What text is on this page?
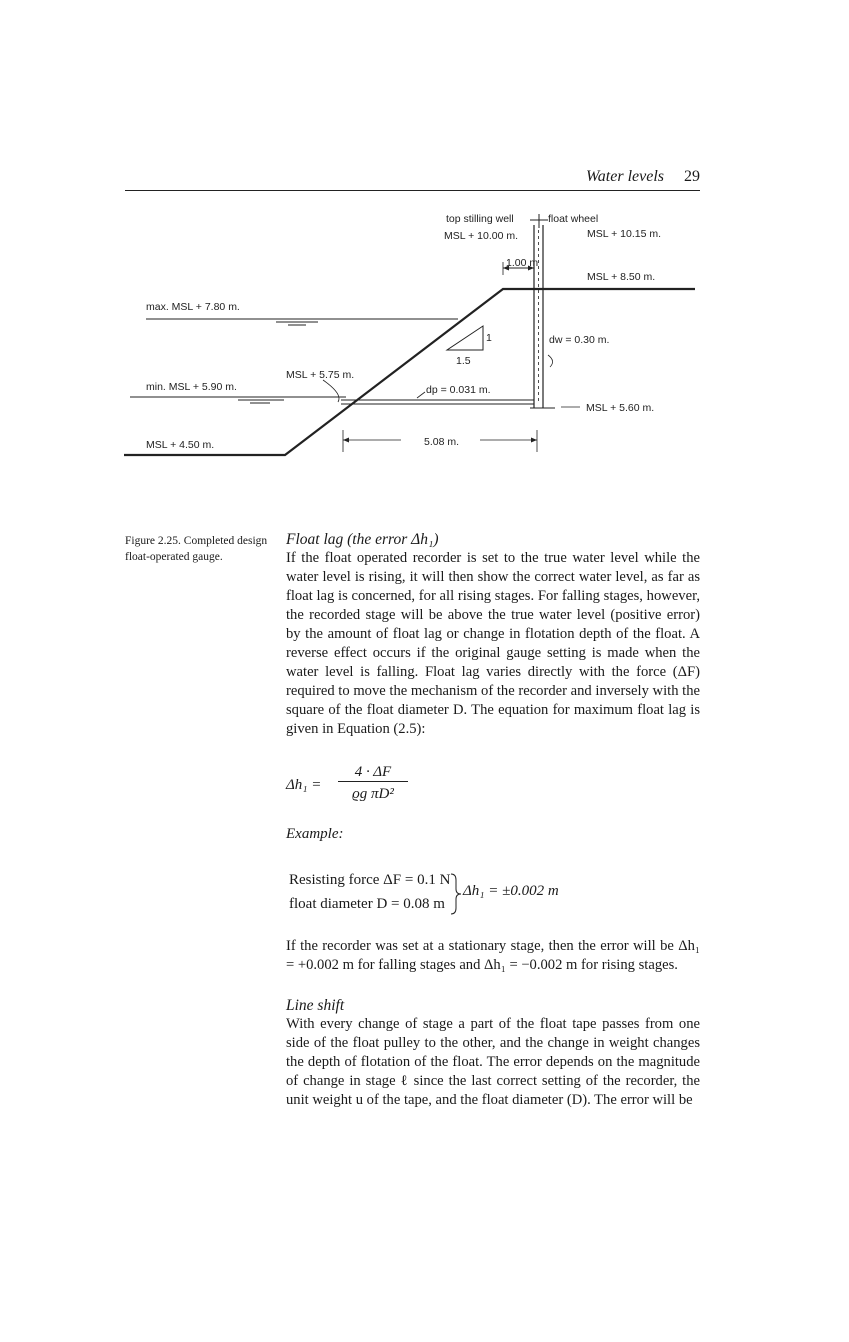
Water levels 29
top stilling well
MSL + 10.00 m.
float wheel
MSL + 10.15 m.
1.00 m
MSL + 8.50 m.
max. MSL + 7.80 m.
1
1.5
dw = 0.30 m.
MSL + 5.75 m.
min. MSL + 5.90 m.	dp = 0.031 m.
MSL + 5.60 m.
MSL + 4.50 m.	5.08 m.
Figure 2.25. Completed design float-operated gauge.
Float lag (the error Δh₁)

If the float operated recorder is set to the true water level while the water level is rising, it will then show the correct water level, as far as float lag is concerned, for all rising stages. For falling stages, however, the recorded stage will be above the true water level (positive error) by the amount of float lag or change in flotation depth of the float. A reverse effect occurs if the original gauge setting is made when the water level is falling. Float lag varies directly with the force (ΔF) required to move the mechanism of the recorder and inversely with the square of the float diameter D. The equation for maximum float lag is given in Equation (2.5):

Δh₁ =
4 · ΔF
ϱg πD²
Example:
Resisting force ΔF = 0.1 N
float diameter D = 0.08 m
Δh₁ = ±0.002 m

If the recorder was set at a stationary stage, then the error will be Δh₁ = +0.002 m for falling stages and Δh₁ = −0.002 m for rising stages.

Line shift

With every change of stage a part of the float tape passes from one side of the float pulley to the other, and the change in weight changes the depth of flotation of the float. The error depends on the magnitude of change in stage ℓ since the last correct setting of the recorder, the unit weight u of the tape, and the float diameter (D). The error will be
